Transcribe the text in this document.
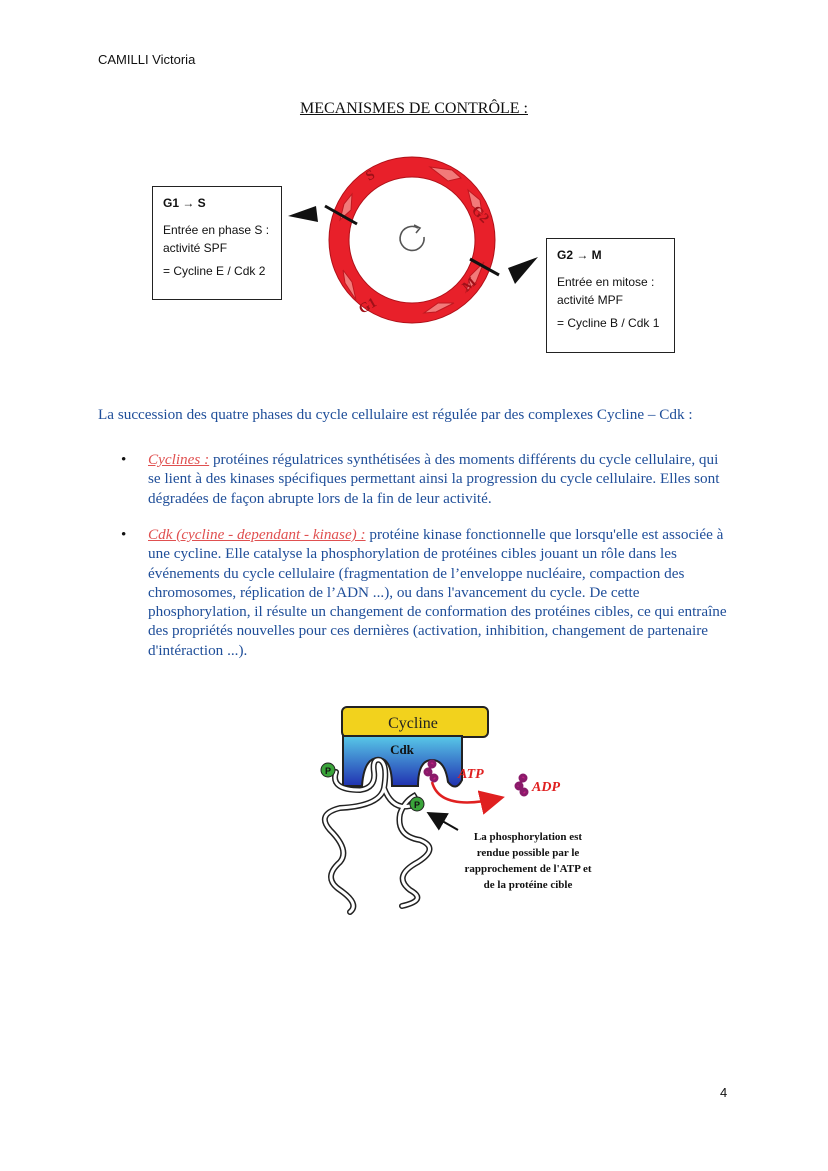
CAMILLI Victoria
MECANISMES DE CONTRÔLE :
S
G2
M
G1
G1 → S
Entrée en phase S :
activité SPF
= Cycline E / Cdk 2
G2 → M
Entrée en mitose :
activité MPF
= Cycline B / Cdk 1
La succession des quatre phases du cycle cellulaire est régulée par des complexes Cycline – Cdk :
• Cyclines : protéines régulatrices synthétisées à des moments différents du cycle cellulaire, qui se lient à des kinases spécifiques permettant ainsi la progression du cycle cellulaire. Elles sont dégradées de façon abrupte lors de la fin de leur activité.
• Cdk (cycline - dependant - kinase) : protéine kinase fonctionnelle que lorsqu'elle est associée à une cycline. Elle catalyse la phosphorylation de protéines cibles jouant un rôle dans les événements du cycle cellulaire (fragmentation de l’enveloppe nucléaire, compaction des chromosomes, réplication de l’ADN ...), ou dans l'avancement du cycle. De cette phosphorylation, il résulte un changement de conformation des protéines cibles, ce qui entraîne des propriétés nouvelles pour ces dernières (activation, inhibition, changement de partenaire d'intéraction ...).
Cycline
Cdk
P
P
ATP
ADP
La phosphorylation est
rendue possible par le
rapprochement de l'ATP et
de la protéine cible
4
